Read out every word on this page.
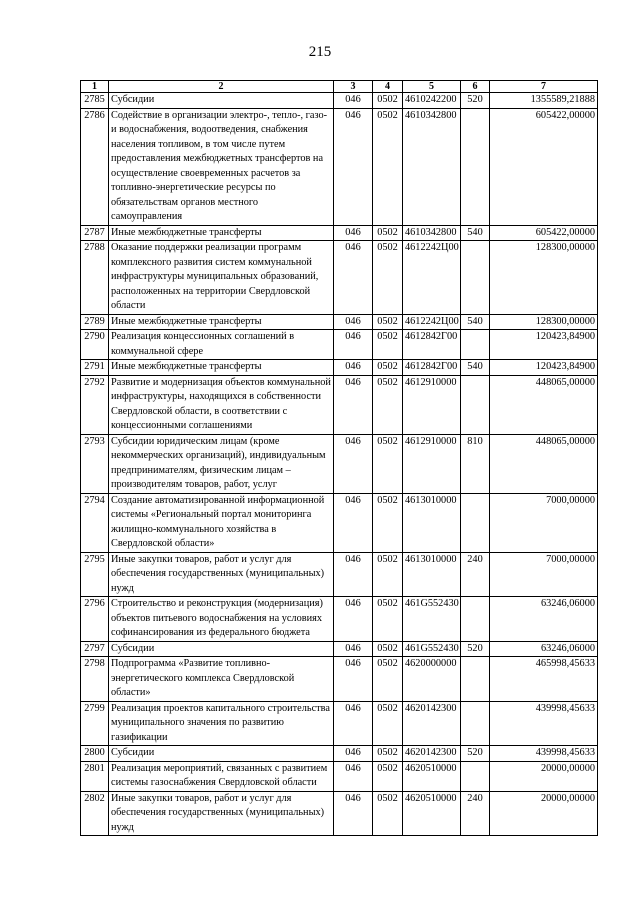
215
1	2	3	4	5	6	7
2785	Субсидии	046	0502	4610242200	520	1355589,21888
2786	Содействие в организации электро-, тепло-, газо- и водоснабжения, водоотведения, снабжения населения топливом, в том числе путем предоставления межбюджетных трансфертов на осуществление своевременных расчетов за топливно-энергетические ресурсы по обязательствам органов местного самоуправления	046	0502	4610342800		605422,00000
2787	Иные межбюджетные трансферты	046	0502	4610342800	540	605422,00000
2788	Оказание поддержки реализации программ комплексного развития систем коммунальной инфраструктуры муниципальных образований, расположенных на территории Свердловской области	046	0502	4612242Ц00		128300,00000
2789	Иные межбюджетные трансферты	046	0502	4612242Ц00	540	128300,00000
2790	Реализация концессионных соглашений в коммунальной сфере	046	0502	4612842Г00		120423,84900
2791	Иные межбюджетные трансферты	046	0502	4612842Г00	540	120423,84900
2792	Развитие и модернизация объектов коммунальной инфраструктуры, находящихся в собственности Свердловской области, в соответствии с концессионными соглашениями	046	0502	4612910000		448065,00000
2793	Субсидии юридическим лицам (кроме некоммерческих организаций), индивидуальным предпринимателям, физическим лицам – производителям товаров, работ, услуг	046	0502	4612910000	810	448065,00000
2794	Создание автоматизированной информационной системы «Региональный портал мониторинга жилищно-коммунального хозяйства в Свердловской области»	046	0502	4613010000		7000,00000
2795	Иные закупки товаров, работ и услуг для обеспечения государственных (муниципальных) нужд	046	0502	4613010000	240	7000,00000
2796	Строительство и реконструкция (модернизация) объектов питьевого водоснабжения на условиях софинансирования из федерального бюджета	046	0502	461G552430		63246,06000
2797	Субсидии	046	0502	461G552430	520	63246,06000
2798	Подпрограмма «Развитие топливно-энергетического комплекса Свердловской области»	046	0502	4620000000		465998,45633
2799	Реализация проектов капитального строительства муниципального значения по развитию газификации	046	0502	4620142300		439998,45633
2800	Субсидии	046	0502	4620142300	520	439998,45633
2801	Реализация мероприятий, связанных с развитием системы газоснабжения Свердловской области	046	0502	4620510000		20000,00000
2802	Иные закупки товаров, работ и услуг для обеспечения государственных (муниципальных) нужд	046	0502	4620510000	240	20000,00000
